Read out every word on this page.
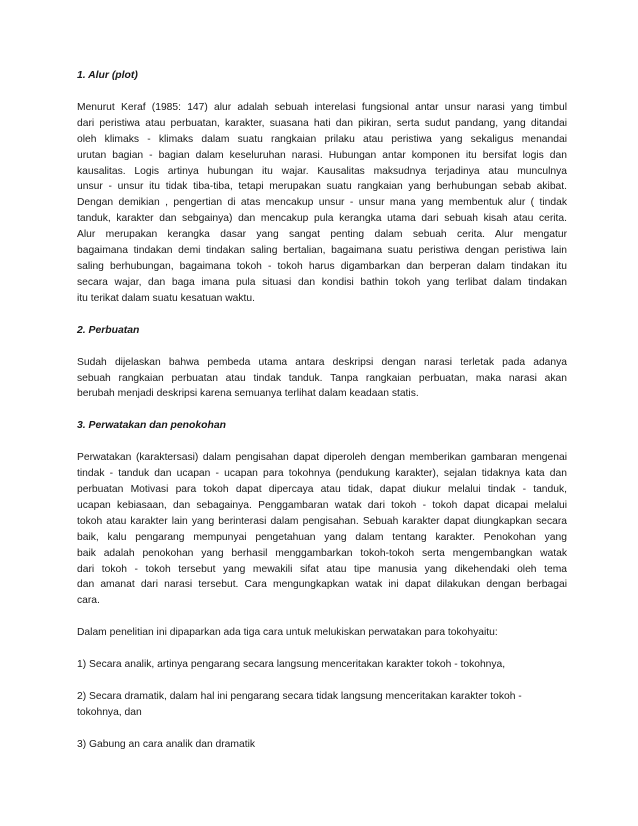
1. Alur (plot)

Menurut Keraf (1985: 147) alur adalah sebuah interelasi fungsional antar unsur narasi yang timbul
dari peristiwa atau perbuatan, karakter, suasana hati dan pikiran, serta sudut pandang, yang ditandai
oleh klimaks - klimaks dalam suatu rangkaian prilaku atau peristiwa yang sekaligus menandai
urutan bagian - bagian dalam keseluruhan narasi. Hubungan antar komponen itu bersifat logis dan
kausalitas. Logis artinya hubungan itu wajar. Kausalitas maksudnya terjadinya atau munculnya
unsur - unsur itu tidak tiba-tiba, tetapi merupakan suatu rangkaian yang berhubungan sebab akibat.
Dengan demikian , pengertian di atas mencakup unsur - unsur mana yang membentuk alur ( tindak
tanduk, karakter dan sebgainya) dan mencakup pula kerangka utama dari sebuah kisah atau cerita.
Alur merupakan kerangka dasar yang sangat penting dalam sebuah cerita. Alur mengatur
bagaimana tindakan demi tindakan saling bertalian, bagaimana suatu peristiwa dengan peristiwa lain
saling berhubungan, bagaimana tokoh - tokoh harus digambarkan dan berperan dalam tindakan itu
secara wajar, dan baga imana pula situasi dan kondisi bathin tokoh yang terlibat dalam tindakan
itu terikat dalam suatu kesatuan waktu.

2. Perbuatan

Sudah dijelaskan bahwa pembeda utama antara deskripsi dengan narasi terletak pada adanya
sebuah rangkaian perbuatan atau tindak tanduk. Tanpa rangkaian perbuatan, maka narasi akan
berubah menjadi deskripsi karena semuanya terlihat dalam keadaan statis.

3. Perwatakan dan penokohan

Perwatakan (karaktersasi) dalam pengisahan dapat diperoleh dengan memberikan gambaran mengenai
tindak - tanduk dan ucapan - ucapan para tokohnya (pendukung karakter), sejalan tidaknya kata dan
perbuatan Motivasi para tokoh dapat dipercaya atau tidak, dapat diukur melalui tindak - tanduk,
ucapan kebiasaan, dan sebagainya. Penggambaran watak dari tokoh - tokoh dapat dicapai melalui
tokoh atau karakter lain yang berinterasi dalam pengisahan. Sebuah karakter dapat diungkapkan secara
baik, kalu pengarang mempunyai pengetahuan yang dalam tentang karakter. Penokohan yang
baik adalah penokohan yang berhasil menggambarkan tokoh-tokoh serta mengembangkan watak
dari tokoh - tokoh tersebut yang mewakili sifat atau tipe manusia yang dikehendaki oleh tema
dan amanat dari narasi tersebut. Cara mengungkapkan watak ini dapat dilakukan dengan berbagai
cara.

Dalam penelitian ini dipaparkan ada tiga cara untuk melukiskan perwatakan para tokohyaitu:

1) Secara analik, artinya pengarang secara langsung menceritakan karakter tokoh - tokohnya,

2) Secara dramatik, dalam hal ini pengarang secara tidak langsung menceritakan karakter tokoh -
tokohnya, dan

3) Gabung an cara analik dan dramatik
